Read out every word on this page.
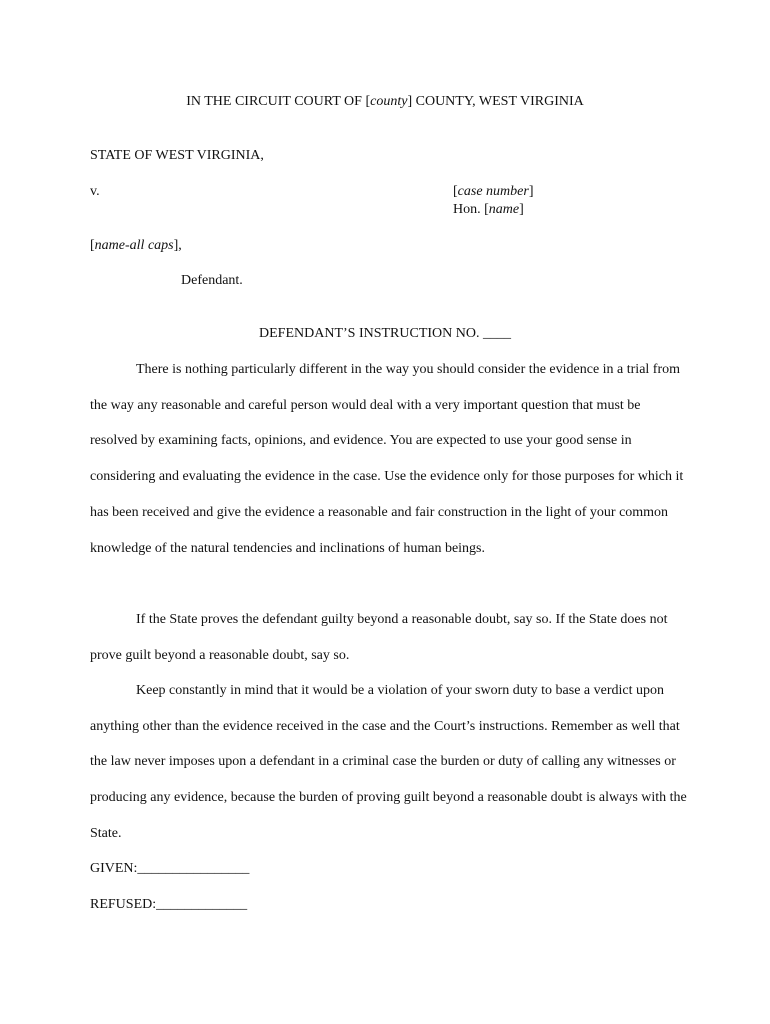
IN THE CIRCUIT COURT OF [county] COUNTY, WEST VIRGINIA
STATE OF WEST VIRGINIA,
v.	[case number]
Hon. [name]
[name-all caps],
Defendant.
DEFENDANT’S INSTRUCTION NO. ____

There is nothing particularly different in the way you should consider the evidence in a trial from the way any reasonable and careful person would deal with a very important question that must be resolved by examining facts, opinions, and evidence. You are expected to use your good sense in considering and evaluating the evidence in the case. Use the evidence only for those purposes for which it has been received and give the evidence a reasonable and fair construction in the light of your common knowledge of the natural tendencies and inclinations of human beings.

If the State proves the defendant guilty beyond a reasonable doubt, say so. If the State does not prove guilt beyond a reasonable doubt, say so.

Keep constantly in mind that it would be a violation of your sworn duty to base a verdict upon anything other than the evidence received in the case and the Court’s instructions. Remember as well that the law never imposes upon a defendant in a criminal case the burden or duty of calling any witnesses or producing any evidence, because the burden of proving guilt beyond a reasonable doubt is always with the State.

GIVEN:________________
REFUSED:_____________
